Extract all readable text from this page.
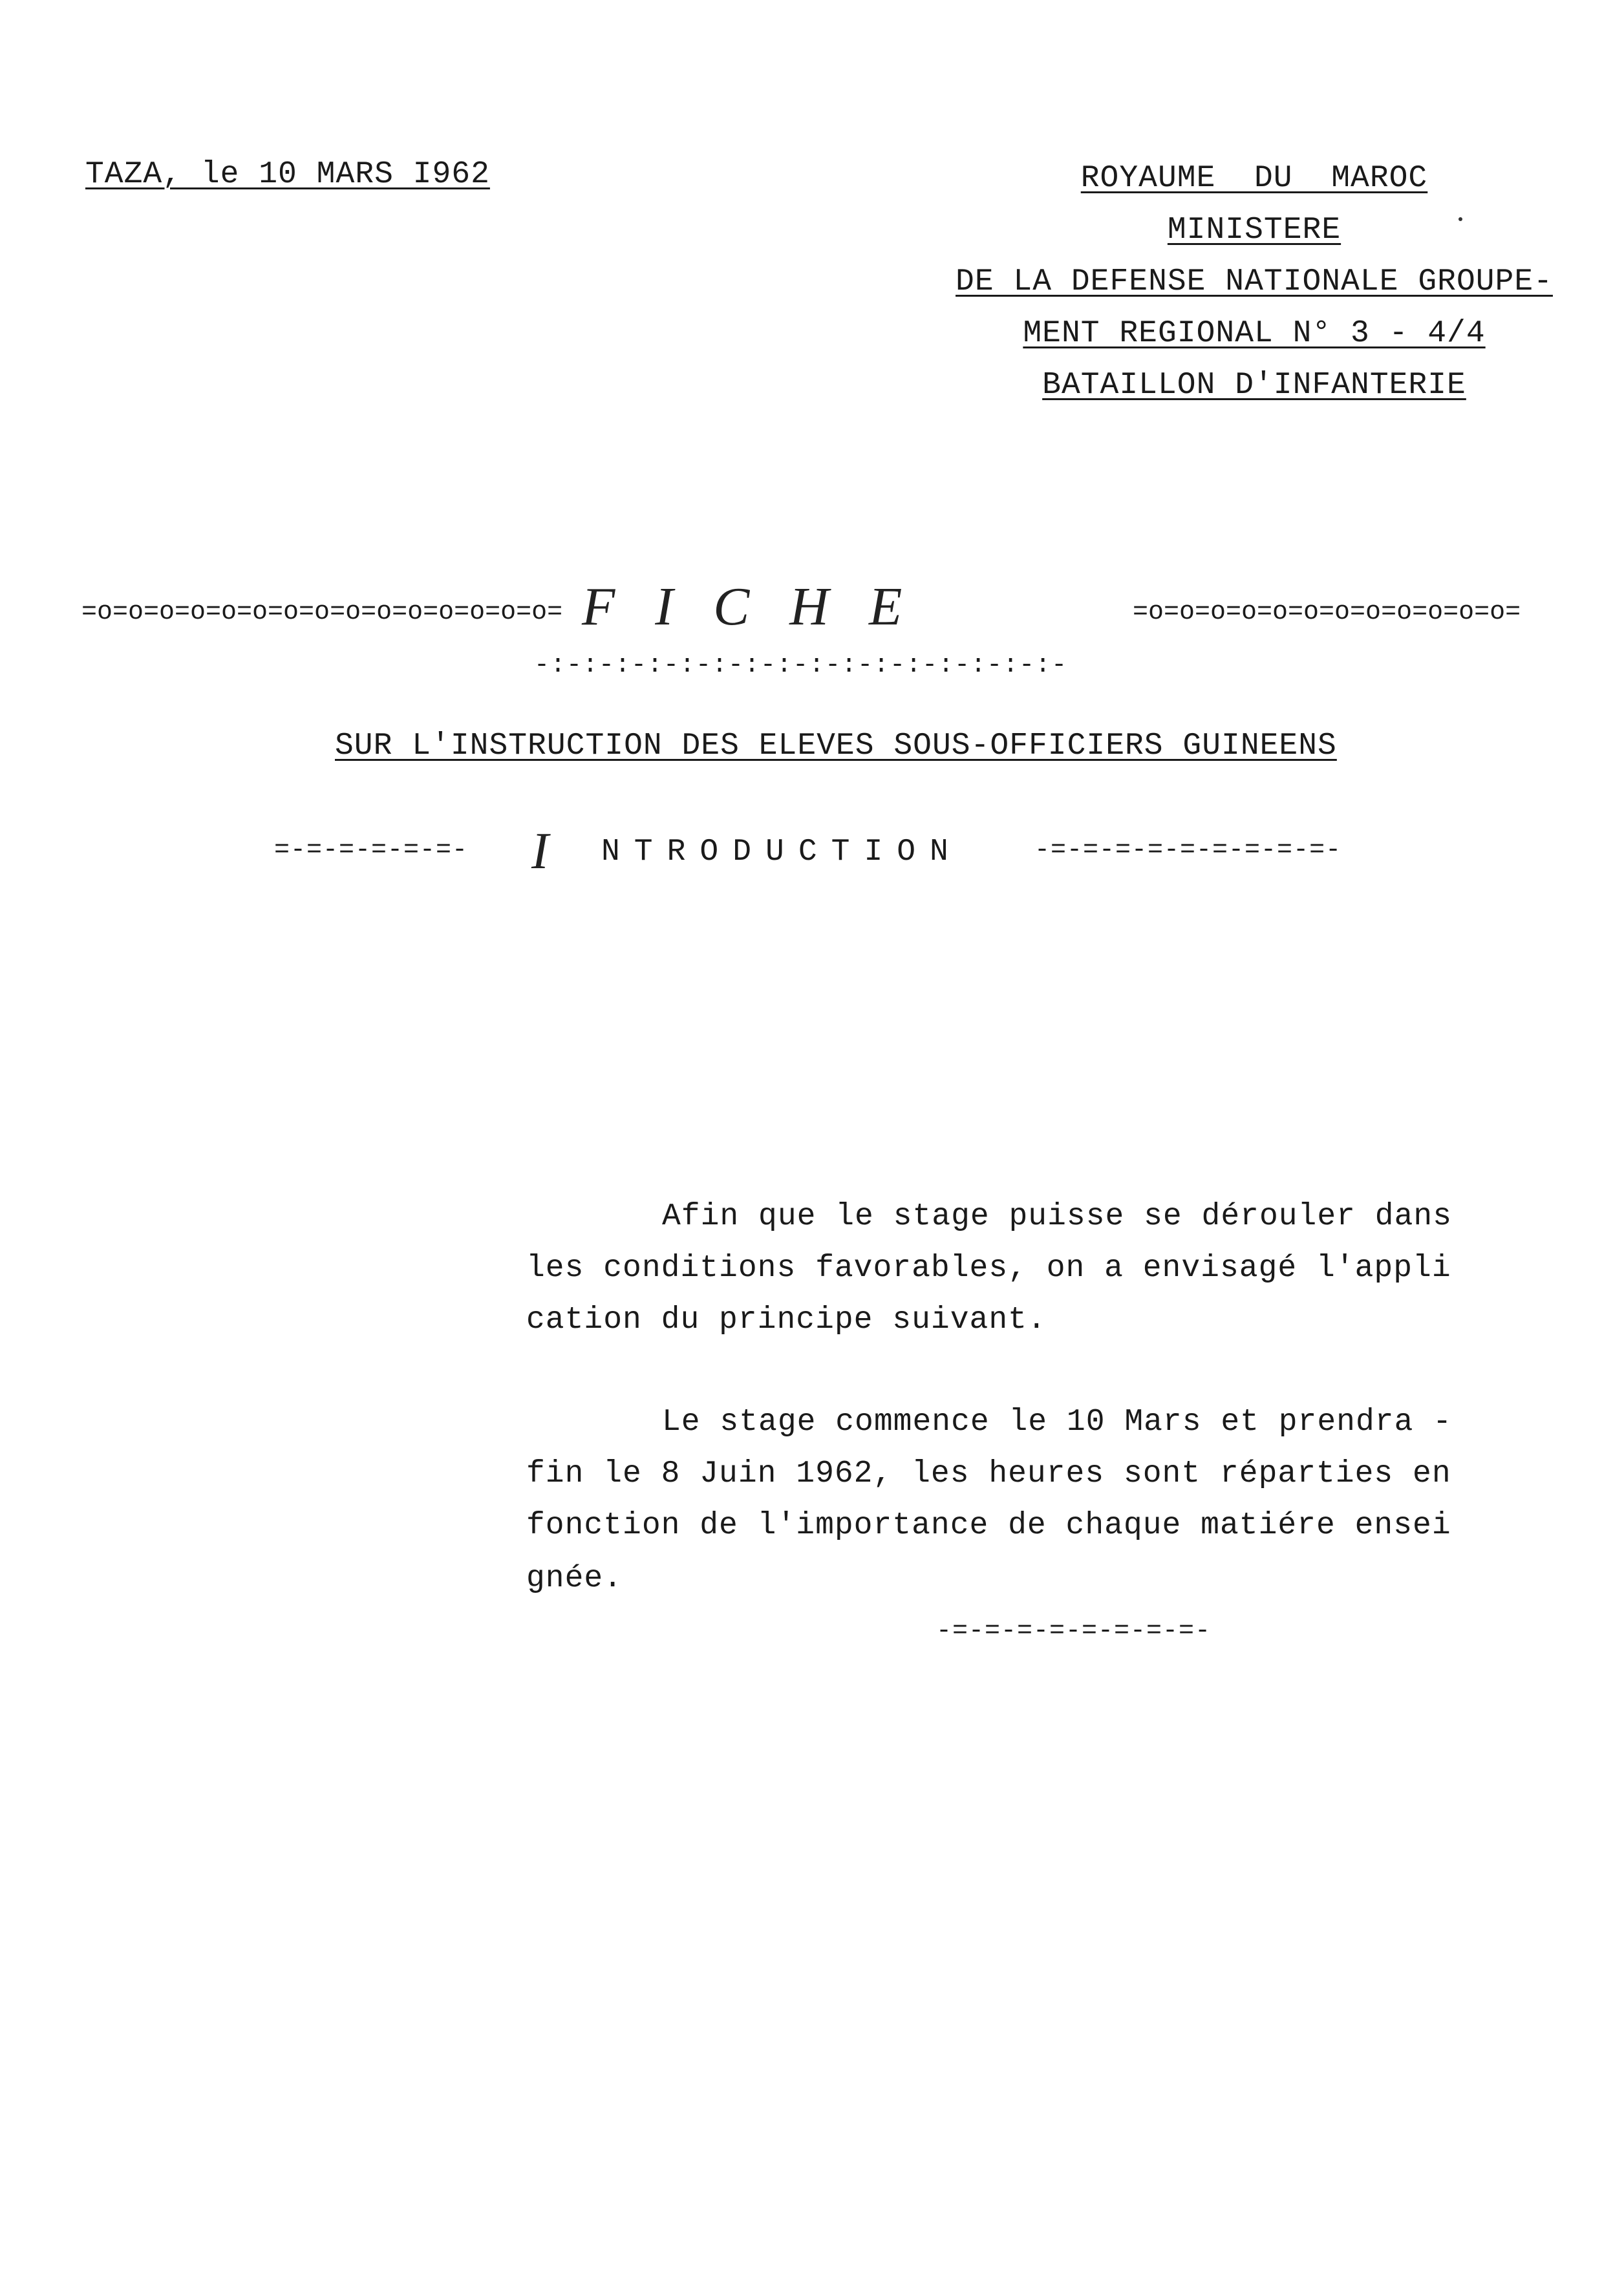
TAZA, le 10 MARS I962	ROYAUME  DU  MAROC
MINISTERE
DE LA DEFENSE NATIONALE GROUPE-
MENT REGIONAL N° 3 - 4/4
BATAILLON D'INFANTERIE
=o=o=o=o=o=o=o=o=o=o=o=o=o=o=o= FICHE	=o=o=o=o=o=o=o=o=o=o=o=o=
-:-:-:-:-:-:-:-:-:-:-:-:-:-:-:-:-
SUR L'INSTRUCTION DES ELEVES SOUS-OFFICIERS GUINEENS
=-=-=-=-=-=- I NTRODUCTION	-=-=-=-=-=-=-=-=-=-
Afin que le stage puisse se dérouler dans
les conditions favorables, on a envisagé l'appli
cation du principe suivant.
Le stage commence le 10 Mars et prendra -
fin le 8 Juin 1962, les heures sont réparties en
fonction de l'importance de chaque matiére ensei
gnée.
-=-=-=-=-=-=-=-=-
